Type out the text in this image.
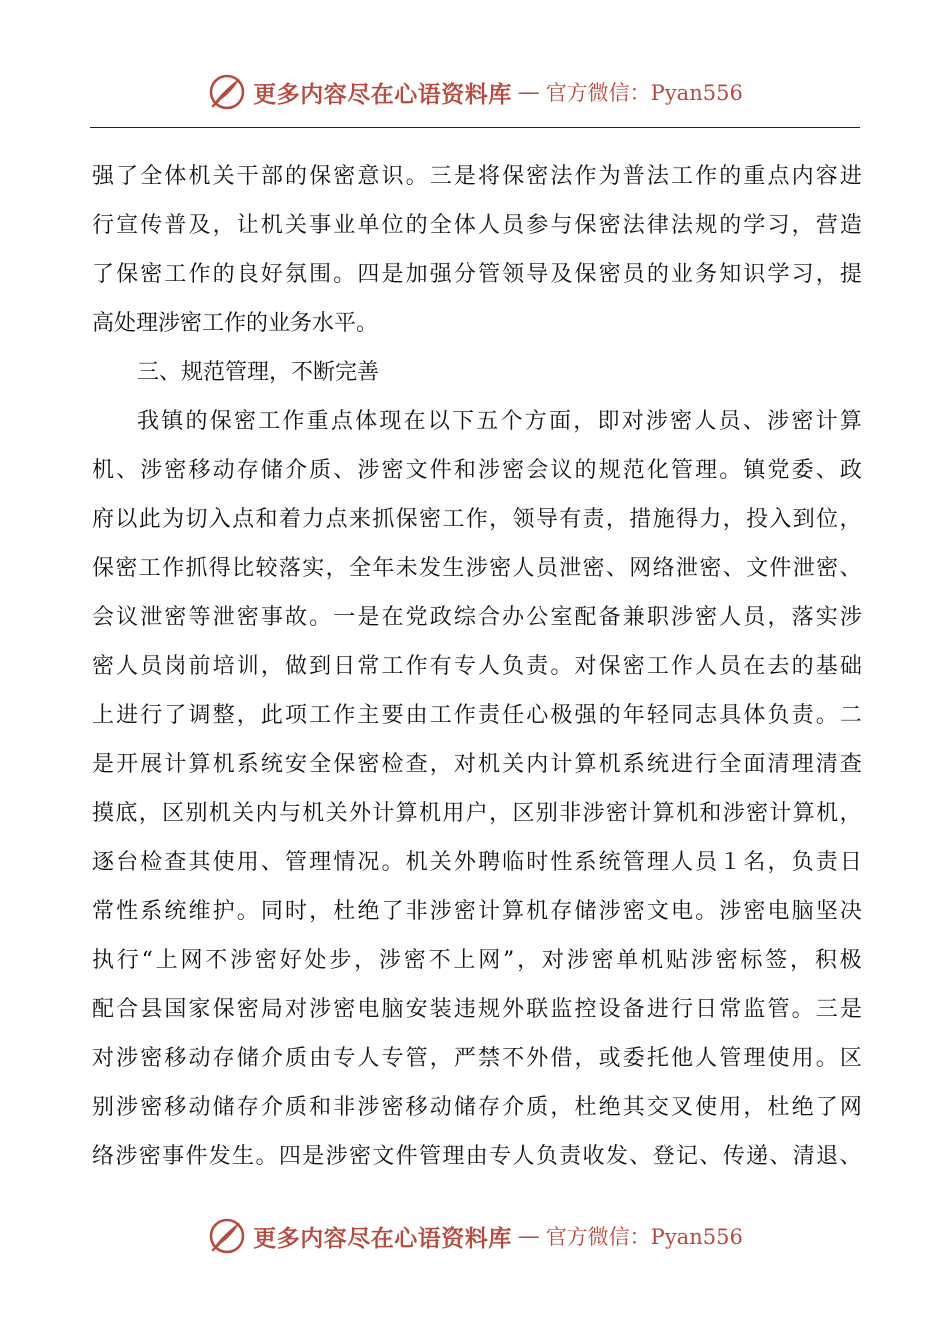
更多内容尽在心语资料库 — 官方微信：Pyan556
强 了 全 体 机 关 干 部 的 保 密 意 识 。 三 是 将 保 密 法 作 为 普 法 工 作 的 重 点 内 容 进
行 宣 传 普 及 ， 让 机 关 事 业 单 位 的 全 体 人 员 参 与 保 密 法 律 法 规 的 学 习 ， 营 造
了 保 密 工 作 的 良 好 氛 围 。 四 是 加 强 分 管 领 导 及 保 密 员 的 业 务 知 识 学 习 ， 提
高处理涉密工作的业务水平。
三、规范管理，不断完善
我 镇 的 保 密 工 作 重 点 体 现 在 以 下 五 个 方 面 ， 即 对 涉 密 人 员 、 涉 密 计 算
机 、 涉 密 移 动 存 储 介 质 、 涉 密 文 件 和 涉 密 会 议 的 规 范 化 管 理 。 镇 党 委 、 政
府 以 此 为 切 入 点 和 着 力 点 来 抓 保 密 工 作 ， 领 导 有 责 ， 措 施 得 力 ， 投 入 到 位 ，
保 密 工 作 抓 得 比 较 落 实 ， 全 年 未 发 生 涉 密 人 员 泄 密 、 网 络 泄 密 、 文 件 泄 密 、
会 议 泄 密 等 泄 密 事 故 。 一 是 在 党 政 综 合 办 公 室 配 备 兼 职 涉 密 人 员 ， 落 实 涉
密 人 员 岗 前 培 训 ， 做 到 日 常 工 作 有 专 人 负 责 。 对 保 密 工 作 人 员 在 去 的 基 础
上 进 行 了 调 整 ， 此 项 工 作 主 要 由 工 作 责 任 心 极 强 的 年 轻 同 志 具 体 负 责 。 二
是 开 展 计 算 机 系 统 安 全 保 密 检 查 ， 对 机 关 内 计 算 机 系 统 进 行 全 面 清 理 清 查
摸 底 ， 区 别 机 关 内 与 机 关 外 计 算 机 用 户 ， 区 别 非 涉 密 计 算 机 和 涉 密 计 算 机 ，
逐 台 检 查 其 使 用 、 管 理 情 况 。 机 关 外 聘 临 时 性 系 统 管 理 人 员 １ 名 ， 负 责 日
常 性 系 统 维 护 。 同 时 ， 杜 绝 了 非 涉 密 计 算 机 存 储 涉 密 文 电 。 涉 密 电 脑 坚 决
执 行 “ 上 网 不 涉 密 好 处 步 ， 涉 密 不 上 网 ” ， 对 涉 密 单 机 贴 涉 密 标 签 ， 积 极
配 合 县 国 家 保 密 局 对 涉 密 电 脑 安 装 违 规 外 联 监 控 设 备 进 行 日 常 监 管 。 三 是
对 涉 密 移 动 存 储 介 质 由 专 人 专 管 ， 严 禁 不 外 借 ， 或 委 托 他 人 管 理 使 用 。 区
别 涉 密 移 动 储 存 介 质 和 非 涉 密 移 动 储 存 介 质 ， 杜 绝 其 交 叉 使 用 ， 杜 绝 了 网
络 涉 密 事 件 发 生 。 四 是 涉 密 文 件 管 理 由 专 人 负 责 收 发 、 登 记 、 传 递 、 清 退 、
更多内容尽在心语资料库 — 官方微信：Pyan556
